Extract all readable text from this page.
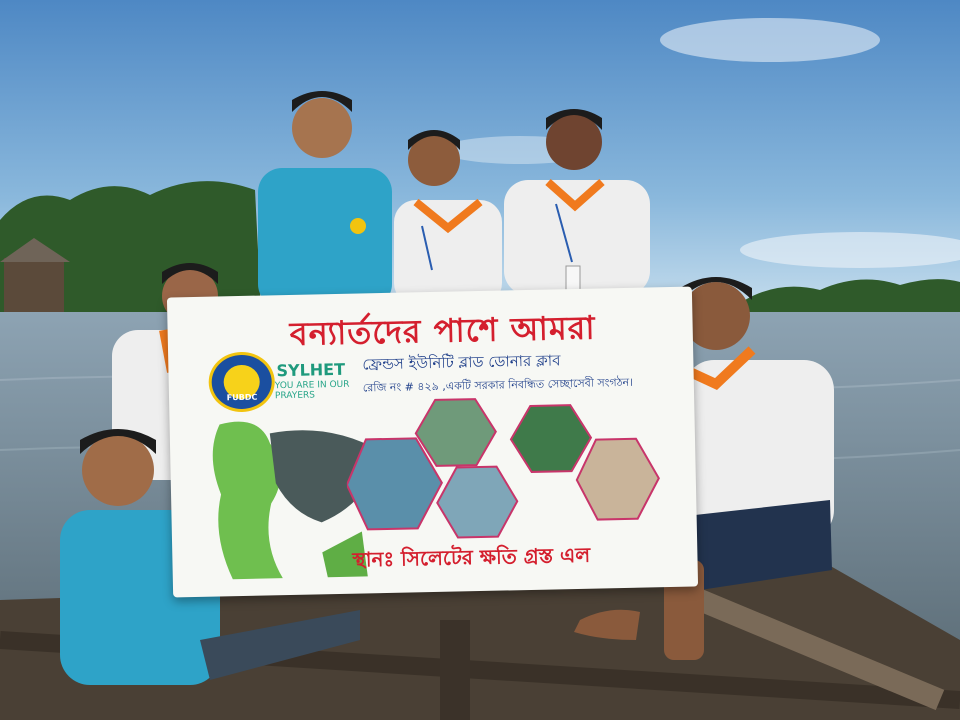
বন্যার্তদের পাশে আমরা
FUBDC
SYLHET
YOU ARE IN OUR PRAYERS
ফ্রেন্ডস ইউনিটি ব্লাড ডোনার ক্লাব
রেজি নং # ৪২৯ ,একটি সরকার নিবন্ধিত সেচ্ছাসেবী সংগঠন।
স্থানঃ সিলেটের ক্ষতি গ্রস্ত এল
